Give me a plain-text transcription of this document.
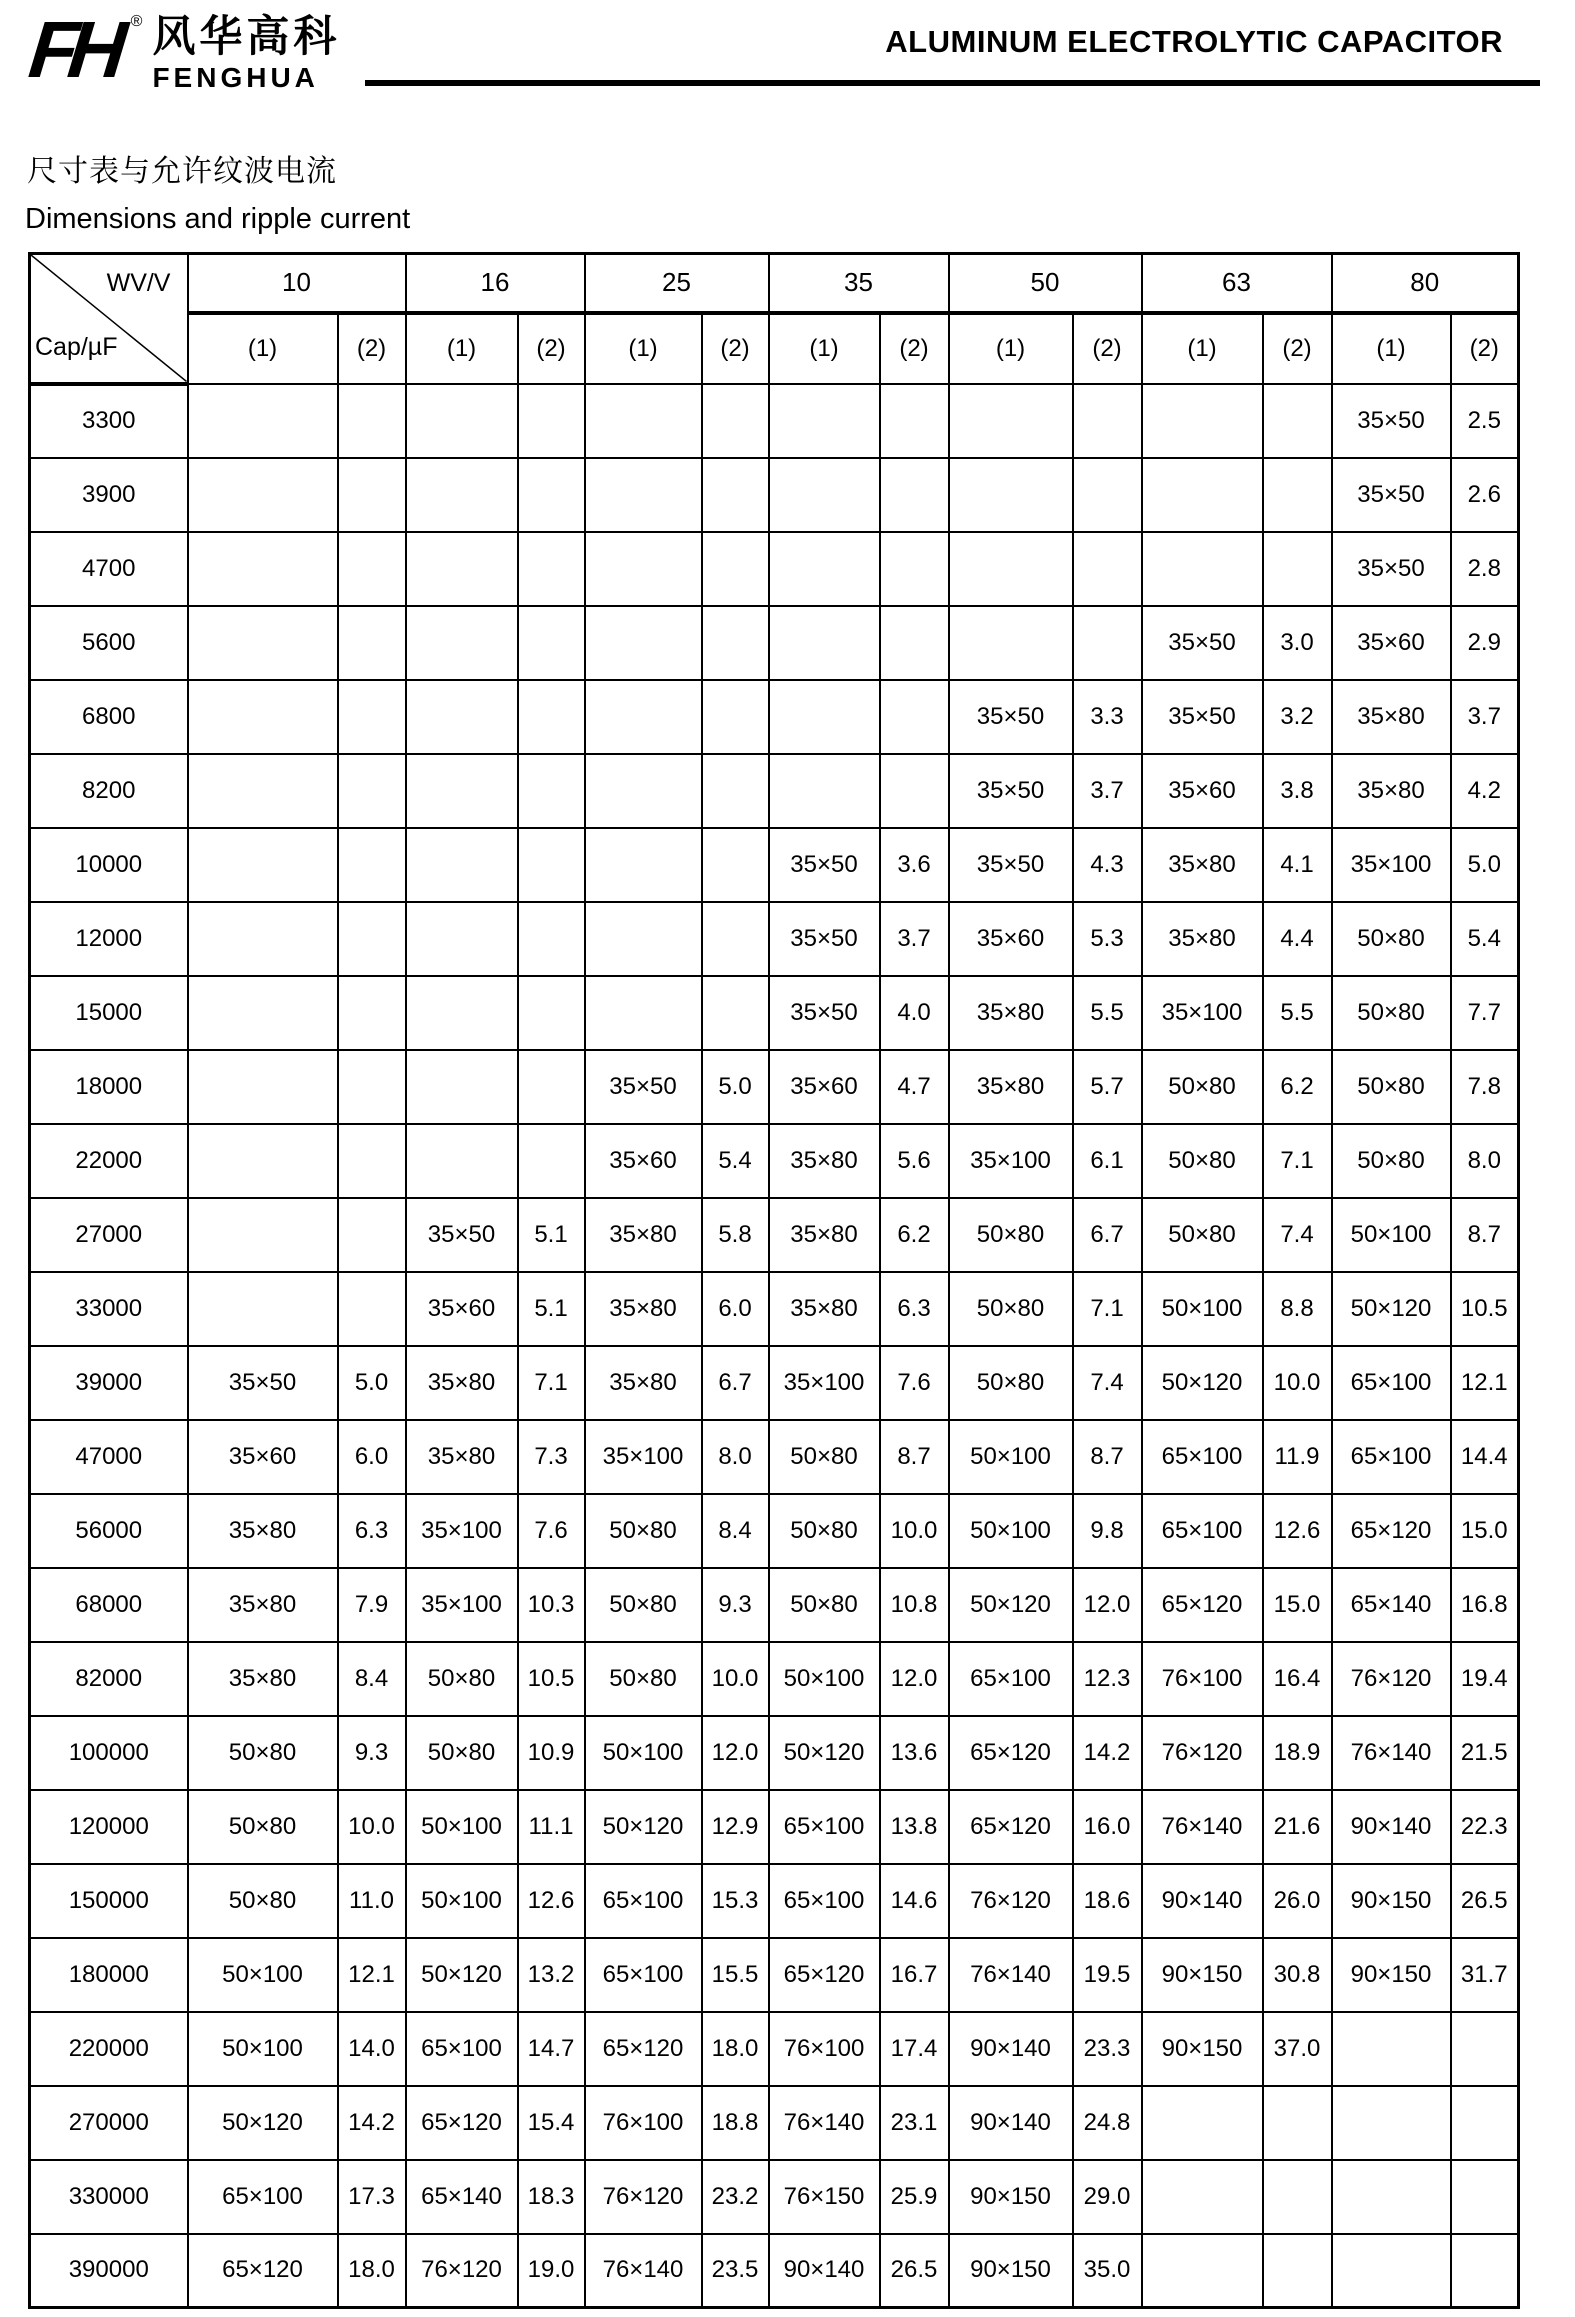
FH ® 风华高科
FENGHUA
ALUMINUM ELECTROLYTIC CAPACITOR
尺寸表与允许纹波电流
Dimensions and ripple current
WV/V
Cap/µF	10		16		25		35		50		63		80	
	(1)	(2)	(1)	(2)	(1)	(2)	(1)	(2)	(1)	(2)	(1)	(2)	(1)	(2)
3300													35×50	2.5
3900													35×50	2.6
4700													35×50	2.8
5600											35×50	3.0	35×60	2.9
6800									35×50	3.3	35×50	3.2	35×80	3.7
8200									35×50	3.7	35×60	3.8	35×80	4.2
10000							35×50	3.6	35×50	4.3	35×80	4.1	35×100	5.0
12000							35×50	3.7	35×60	5.3	35×80	4.4	50×80	5.4
15000							35×50	4.0	35×80	5.5	35×100	5.5	50×80	7.7
18000					35×50	5.0	35×60	4.7	35×80	5.7	50×80	6.2	50×80	7.8
22000					35×60	5.4	35×80	5.6	35×100	6.1	50×80	7.1	50×80	8.0
27000			35×50	5.1	35×80	5.8	35×80	6.2	50×80	6.7	50×80	7.4	50×100	8.7
33000			35×60	5.1	35×80	6.0	35×80	6.3	50×80	7.1	50×100	8.8	50×120	10.5
39000	35×50	5.0	35×80	7.1	35×80	6.7	35×100	7.6	50×80	7.4	50×120	10.0	65×100	12.1
47000	35×60	6.0	35×80	7.3	35×100	8.0	50×80	8.7	50×100	8.7	65×100	11.9	65×100	14.4
56000	35×80	6.3	35×100	7.6	50×80	8.4	50×80	10.0	50×100	9.8	65×100	12.6	65×120	15.0
68000	35×80	7.9	35×100	10.3	50×80	9.3	50×80	10.8	50×120	12.0	65×120	15.0	65×140	16.8
82000	35×80	8.4	50×80	10.5	50×80	10.0	50×100	12.0	65×100	12.3	76×100	16.4	76×120	19.4
100000	50×80	9.3	50×80	10.9	50×100	12.0	50×120	13.6	65×120	14.2	76×120	18.9	76×140	21.5
120000	50×80	10.0	50×100	11.1	50×120	12.9	65×100	13.8	65×120	16.0	76×140	21.6	90×140	22.3
150000	50×80	11.0	50×100	12.6	65×100	15.3	65×100	14.6	76×120	18.6	90×140	26.0	90×150	26.5
180000	50×100	12.1	50×120	13.2	65×100	15.5	65×120	16.7	76×140	19.5	90×150	30.8	90×150	31.7
220000	50×100	14.0	65×100	14.7	65×120	18.0	76×100	17.4	90×140	23.3	90×150	37.0		
270000	50×120	14.2	65×120	15.4	76×100	18.8	76×140	23.1	90×140	24.8				
330000	65×100	17.3	65×140	18.3	76×120	23.2	76×150	25.9	90×150	29.0				
390000	65×120	18.0	76×120	19.0	76×140	23.5	90×140	26.5	90×150	35.0				
